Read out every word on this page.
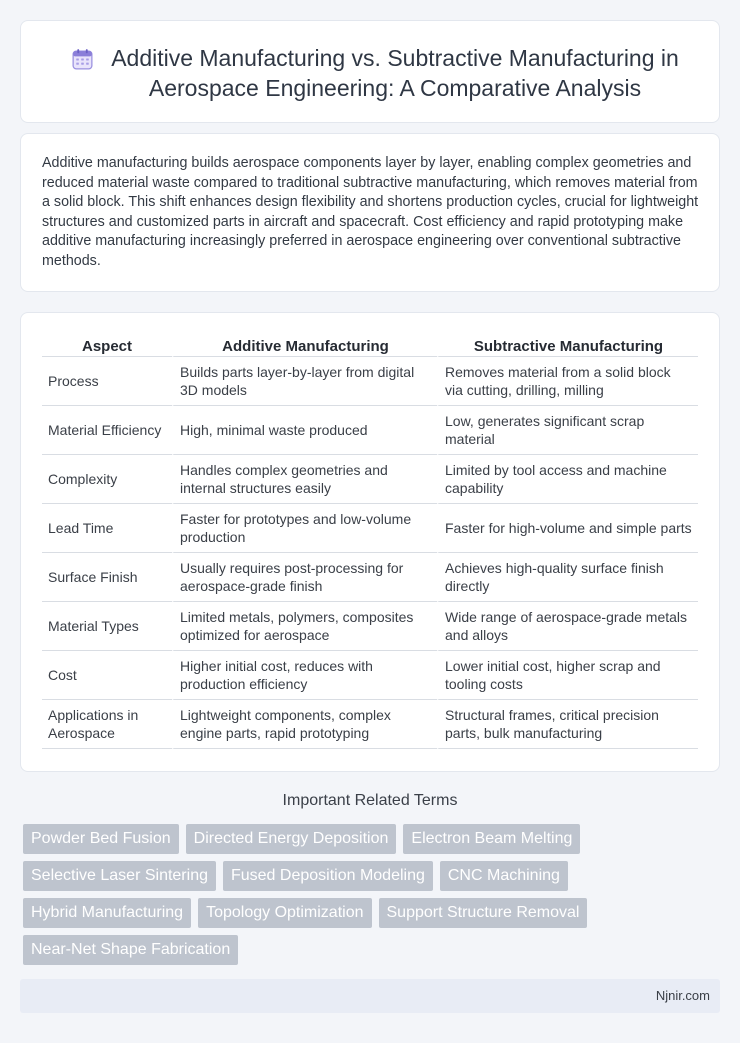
Additive Manufacturing vs. Subtractive Manufacturing in Aerospace Engineering: A Comparative Analysis

Additive manufacturing builds aerospace components layer by layer, enabling complex geometries and reduced material waste compared to traditional subtractive manufacturing, which removes material from a solid block. This shift enhances design flexibility and shortens production cycles, crucial for lightweight structures and customized parts in aircraft and spacecraft. Cost efficiency and rapid prototyping make additive manufacturing increasingly preferred in aerospace engineering over conventional subtractive methods.

Aspect	Additive Manufacturing	Subtractive Manufacturing
Process	Builds parts layer-by-layer from digital 3D models	Removes material from a solid block via cutting, drilling, milling
Material Efficiency	High, minimal waste produced	Low, generates significant scrap material
Complexity	Handles complex geometries and internal structures easily	Limited by tool access and machine capability
Lead Time	Faster for prototypes and low-volume production	Faster for high-volume and simple parts
Surface Finish	Usually requires post-processing for aerospace-grade finish	Achieves high-quality surface finish directly
Material Types	Limited metals, polymers, composites optimized for aerospace	Wide range of aerospace-grade metals and alloys
Cost	Higher initial cost, reduces with production efficiency	Lower initial cost, higher scrap and tooling costs
Applications in Aerospace	Lightweight components, complex engine parts, rapid prototyping	Structural frames, critical precision parts, bulk manufacturing
Important Related Terms
Powder Bed Fusion	Directed Energy Deposition	Electron Beam Melting
Selective Laser Sintering	Fused Deposition Modeling	CNC Machining
Hybrid Manufacturing	Topology Optimization	Support Structure Removal
Near-Net Shape Fabrication
Njnir.com
